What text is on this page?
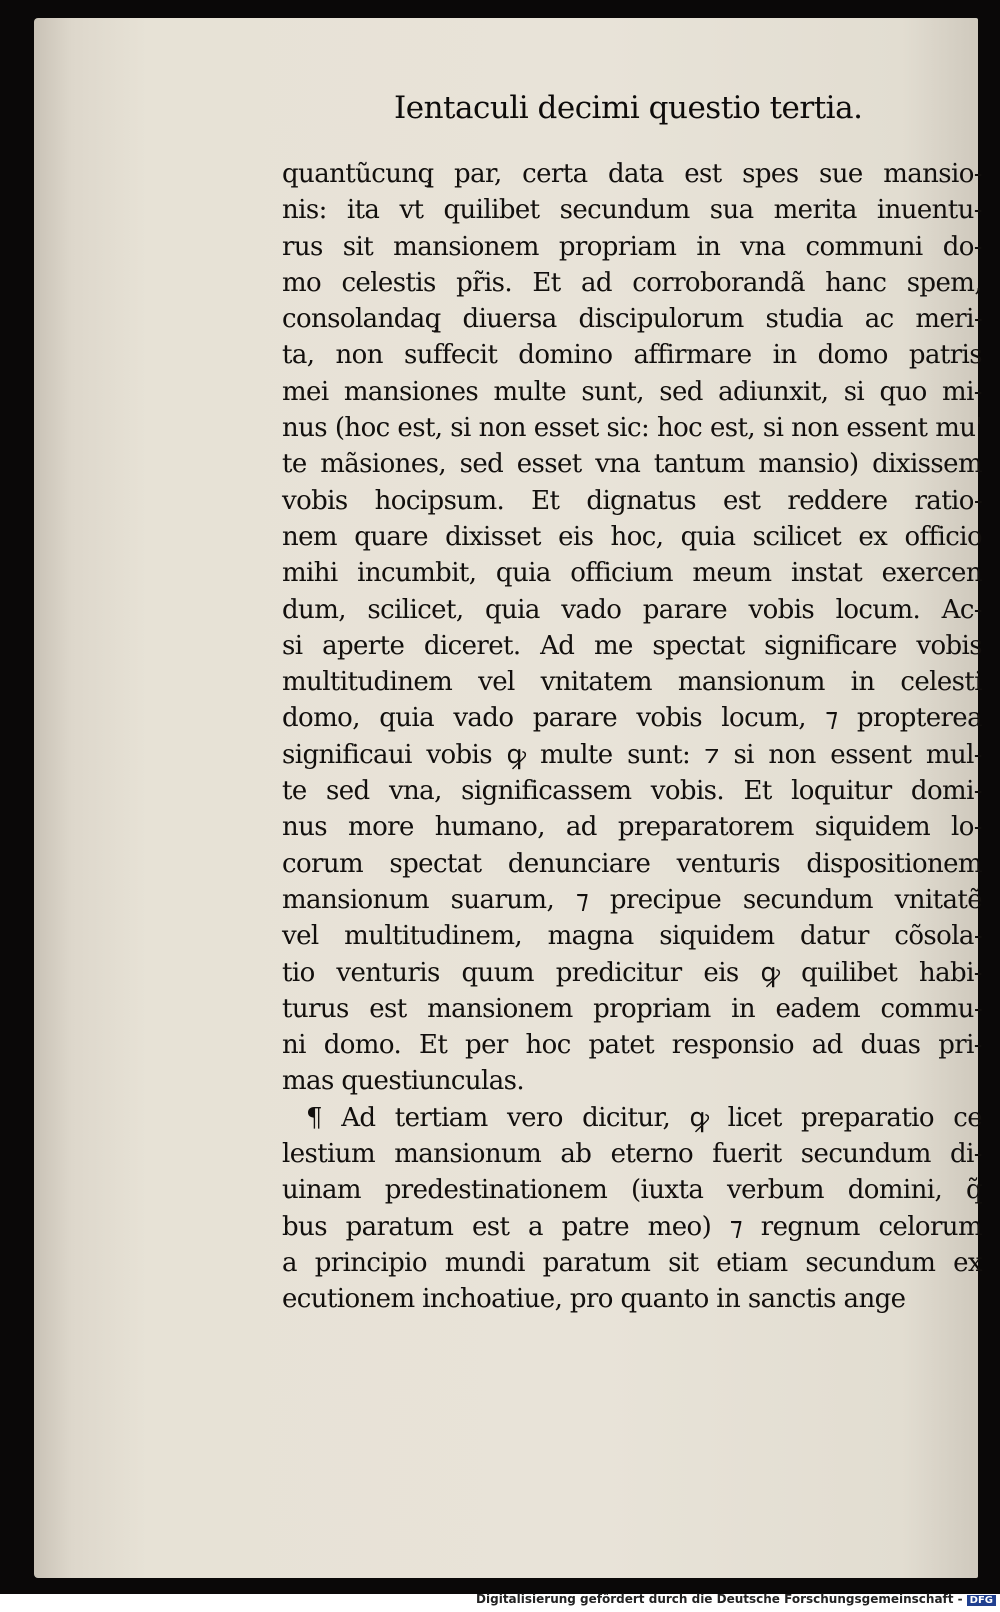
Ientaculi decimi questio tertia.
quantũcunq̧ par, certa data est spes sue mansio-
nis: ita vt quilibet secundum sua merita inuentu-
rus sit mansionem propriam in vna communi do-
mo celestis pr̃is. Et ad corroborandã hanc spem,
consolandaq̧ diuersa discipulorum studia ac meri-
ta, non suffecit domino affirmare in domo patris
mei mansiones multe sunt, sed adiunxit, si quo mi-
nus (hoc est, si non esset sic: hoc est, si non essent mu'
te mãsiones, sed esset vna tantum mansio) dixissem
vobis hocipsum. Et dignatus est reddere ratio-
nem quare dixisset eis hoc, quia scilicet ex officio
mihi incumbit, quia officium meum instat exercen
dum, scilicet, quia vado parare vobis locum. Ac-
si aperte diceret. Ad me spectat significare vobis
multitudinem vel vnitatem mansionum in celesti
domo, quia vado parare vobis locum, ⁊ propterea
significaui vobis ꝙ multe sunt: ⁊ si non essent mul-
te sed vna, significassem vobis. Et loquitur domi-
nus more humano, ad preparatorem siquidem lo-
corum spectat denunciare venturis dispositionem
mansionum suarum, ⁊ precipue secundum vnitatẽ
vel multitudinem, magna siquidem datur cõsola-
tio venturis quum predicitur eis ꝙ quilibet habi-
turus est mansionem propriam in eadem commu-
ni domo. Et per hoc patet responsio ad duas pri-
mas questiunculas.
¶ Ad tertiam vero dicitur, ꝙ licet preparatio ce
lestium mansionum ab eterno fuerit secundum di-
uinam predestinationem (iuxta verbum domini, q̃
bus paratum est a patre meo) ⁊ regnum celorum
a principio mundi paratum sit etiam secundum ex
ecutionem inchoatiue, pro quanto in sanctis ange
Digitalisierung gefördert durch die Deutsche Forschungsgemeinschaft - DFG
